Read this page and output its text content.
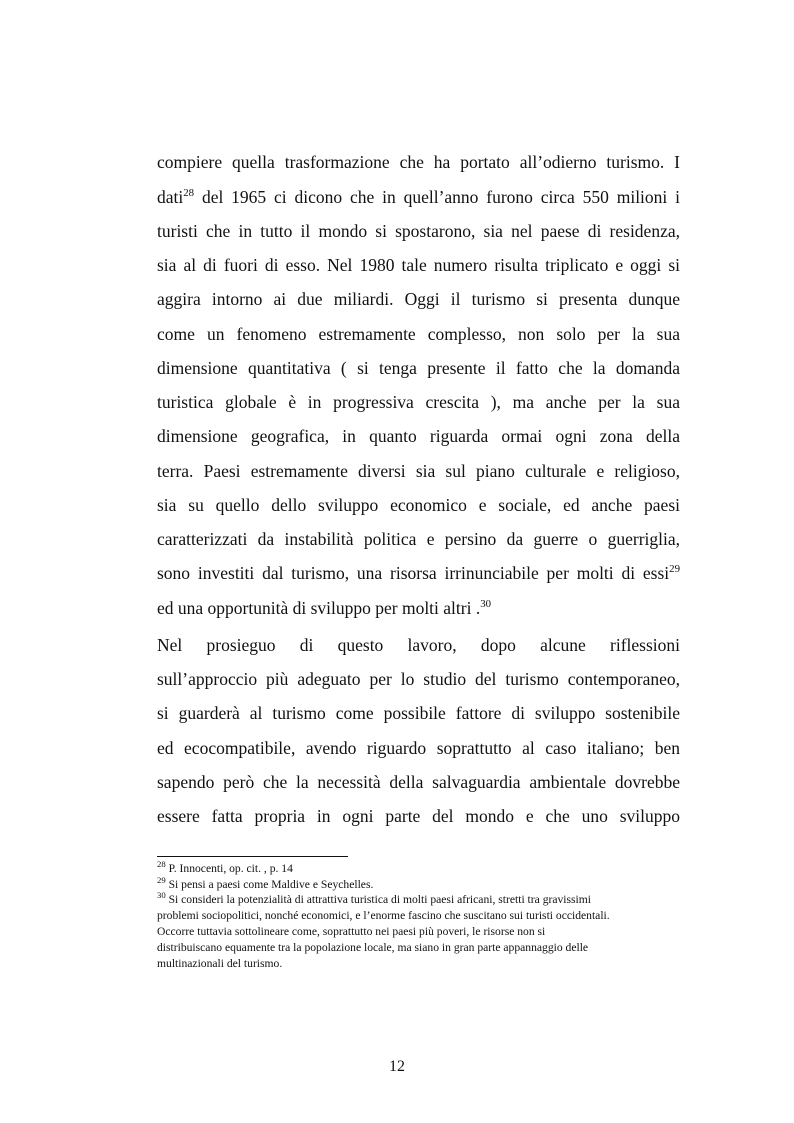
compiere quella trasformazione che ha portato all’odierno turismo. I
dati$^{28}$ del 1965 ci dicono che in quell’anno furono circa 550 milioni i
turisti che in tutto il mondo si spostarono, sia nel paese di residenza,
sia al di fuori di esso. Nel 1980 tale numero risulta triplicato e oggi si
aggira intorno ai due miliardi. Oggi il turismo si presenta dunque
come un fenomeno estremamente complesso, non solo per la sua
dimensione quantitativa ( si tenga presente il fatto che la domanda
turistica globale è in progressiva crescita ), ma anche per la sua
dimensione geografica, in quanto riguarda ormai ogni zona della
terra. Paesi estremamente diversi sia sul piano culturale e religioso,
sia su quello dello sviluppo economico e sociale, ed anche paesi
caratterizzati da instabilità politica e persino da guerre o guerriglia,
sono investiti dal turismo, una risorsa irrinunciabile per molti di essi$^{29}$
ed una opportunità di sviluppo per molti altri .$^{30}$
Nel prosieguo di questo lavoro, dopo alcune riflessioni
sull’approccio più adeguato per lo studio del turismo contemporaneo,
si guarderà al turismo come possibile fattore di sviluppo sostenibile
ed ecocompatibile, avendo riguardo soprattutto al caso italiano; ben
sapendo però che la necessità della salvaguardia ambientale dovrebbe
essere fatta propria in ogni parte del mondo e che uno sviluppo
$^{28}$ P. Innocenti, op. cit. , p. 14
$^{29}$ Si pensi a paesi come Maldive e Seychelles.
$^{30}$ Si consideri la potenzialità di attrattiva turistica di molti paesi africani, stretti tra gravissimi
problemi sociopolitici, nonché economici, e l’enorme fascino che suscitano sui turisti occidentali.
Occorre tuttavia sottolineare come, soprattutto nei paesi più poveri, le risorse non si
distribuiscano equamente tra la popolazione locale, ma siano in gran parte appannaggio delle
multinazionali del turismo.
12
